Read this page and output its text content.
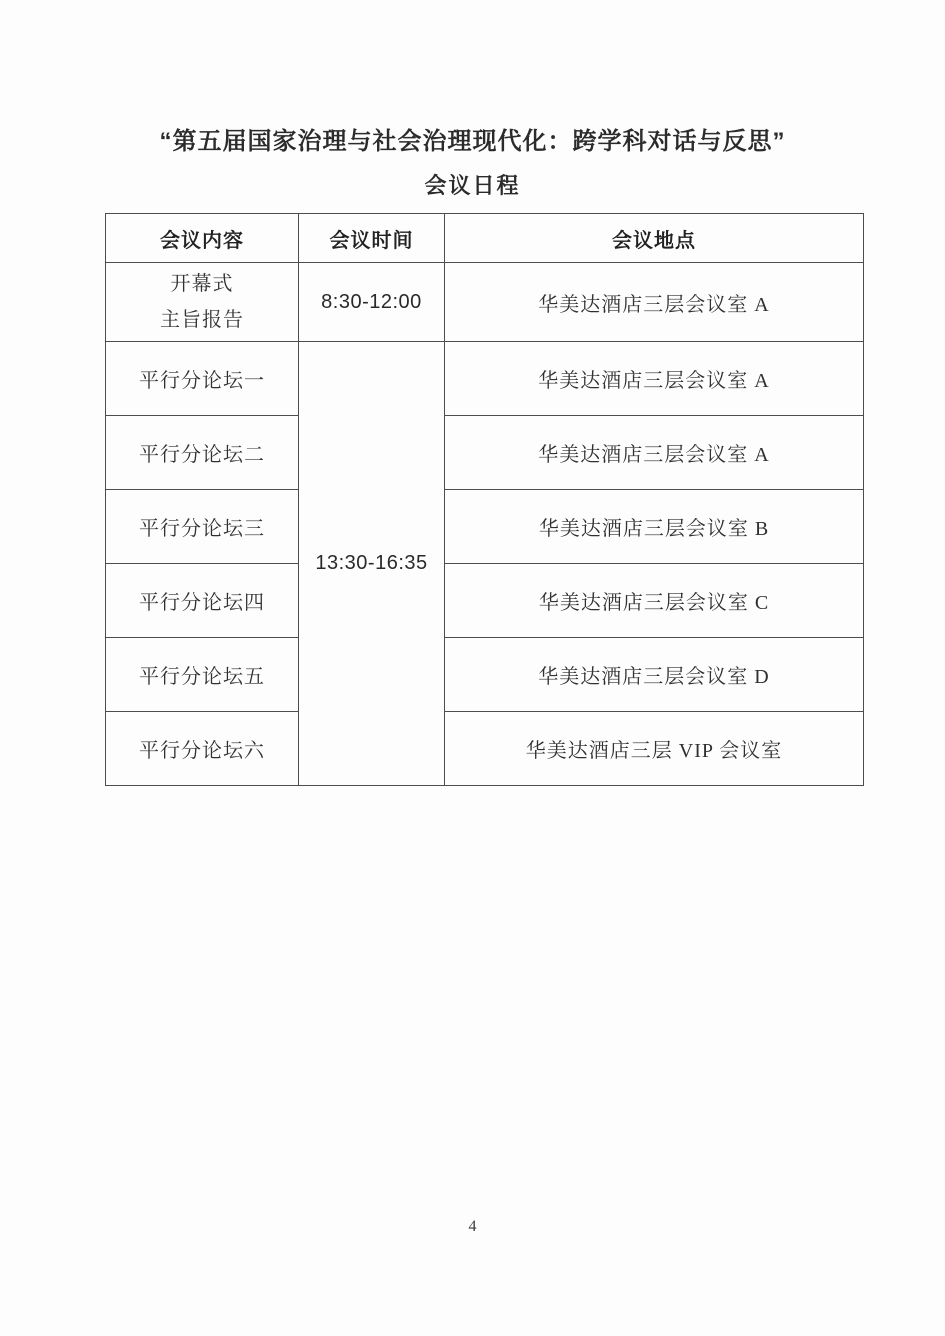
“第五届国家治理与社会治理现代化：跨学科对话与反思”
会议日程
会议内容	会议时间	会议地点

开幕式
主旨报告	8:30-12:00	华美达酒店三层会议室 A
平行分论坛一	13:30-16:35	华美达酒店三层会议室 A
平行分论坛二		华美达酒店三层会议室 A
平行分论坛三		华美达酒店三层会议室 B
平行分论坛四		华美达酒店三层会议室 C
平行分论坛五		华美达酒店三层会议室 D
平行分论坛六		华美达酒店三层 VIP 会议室
4
